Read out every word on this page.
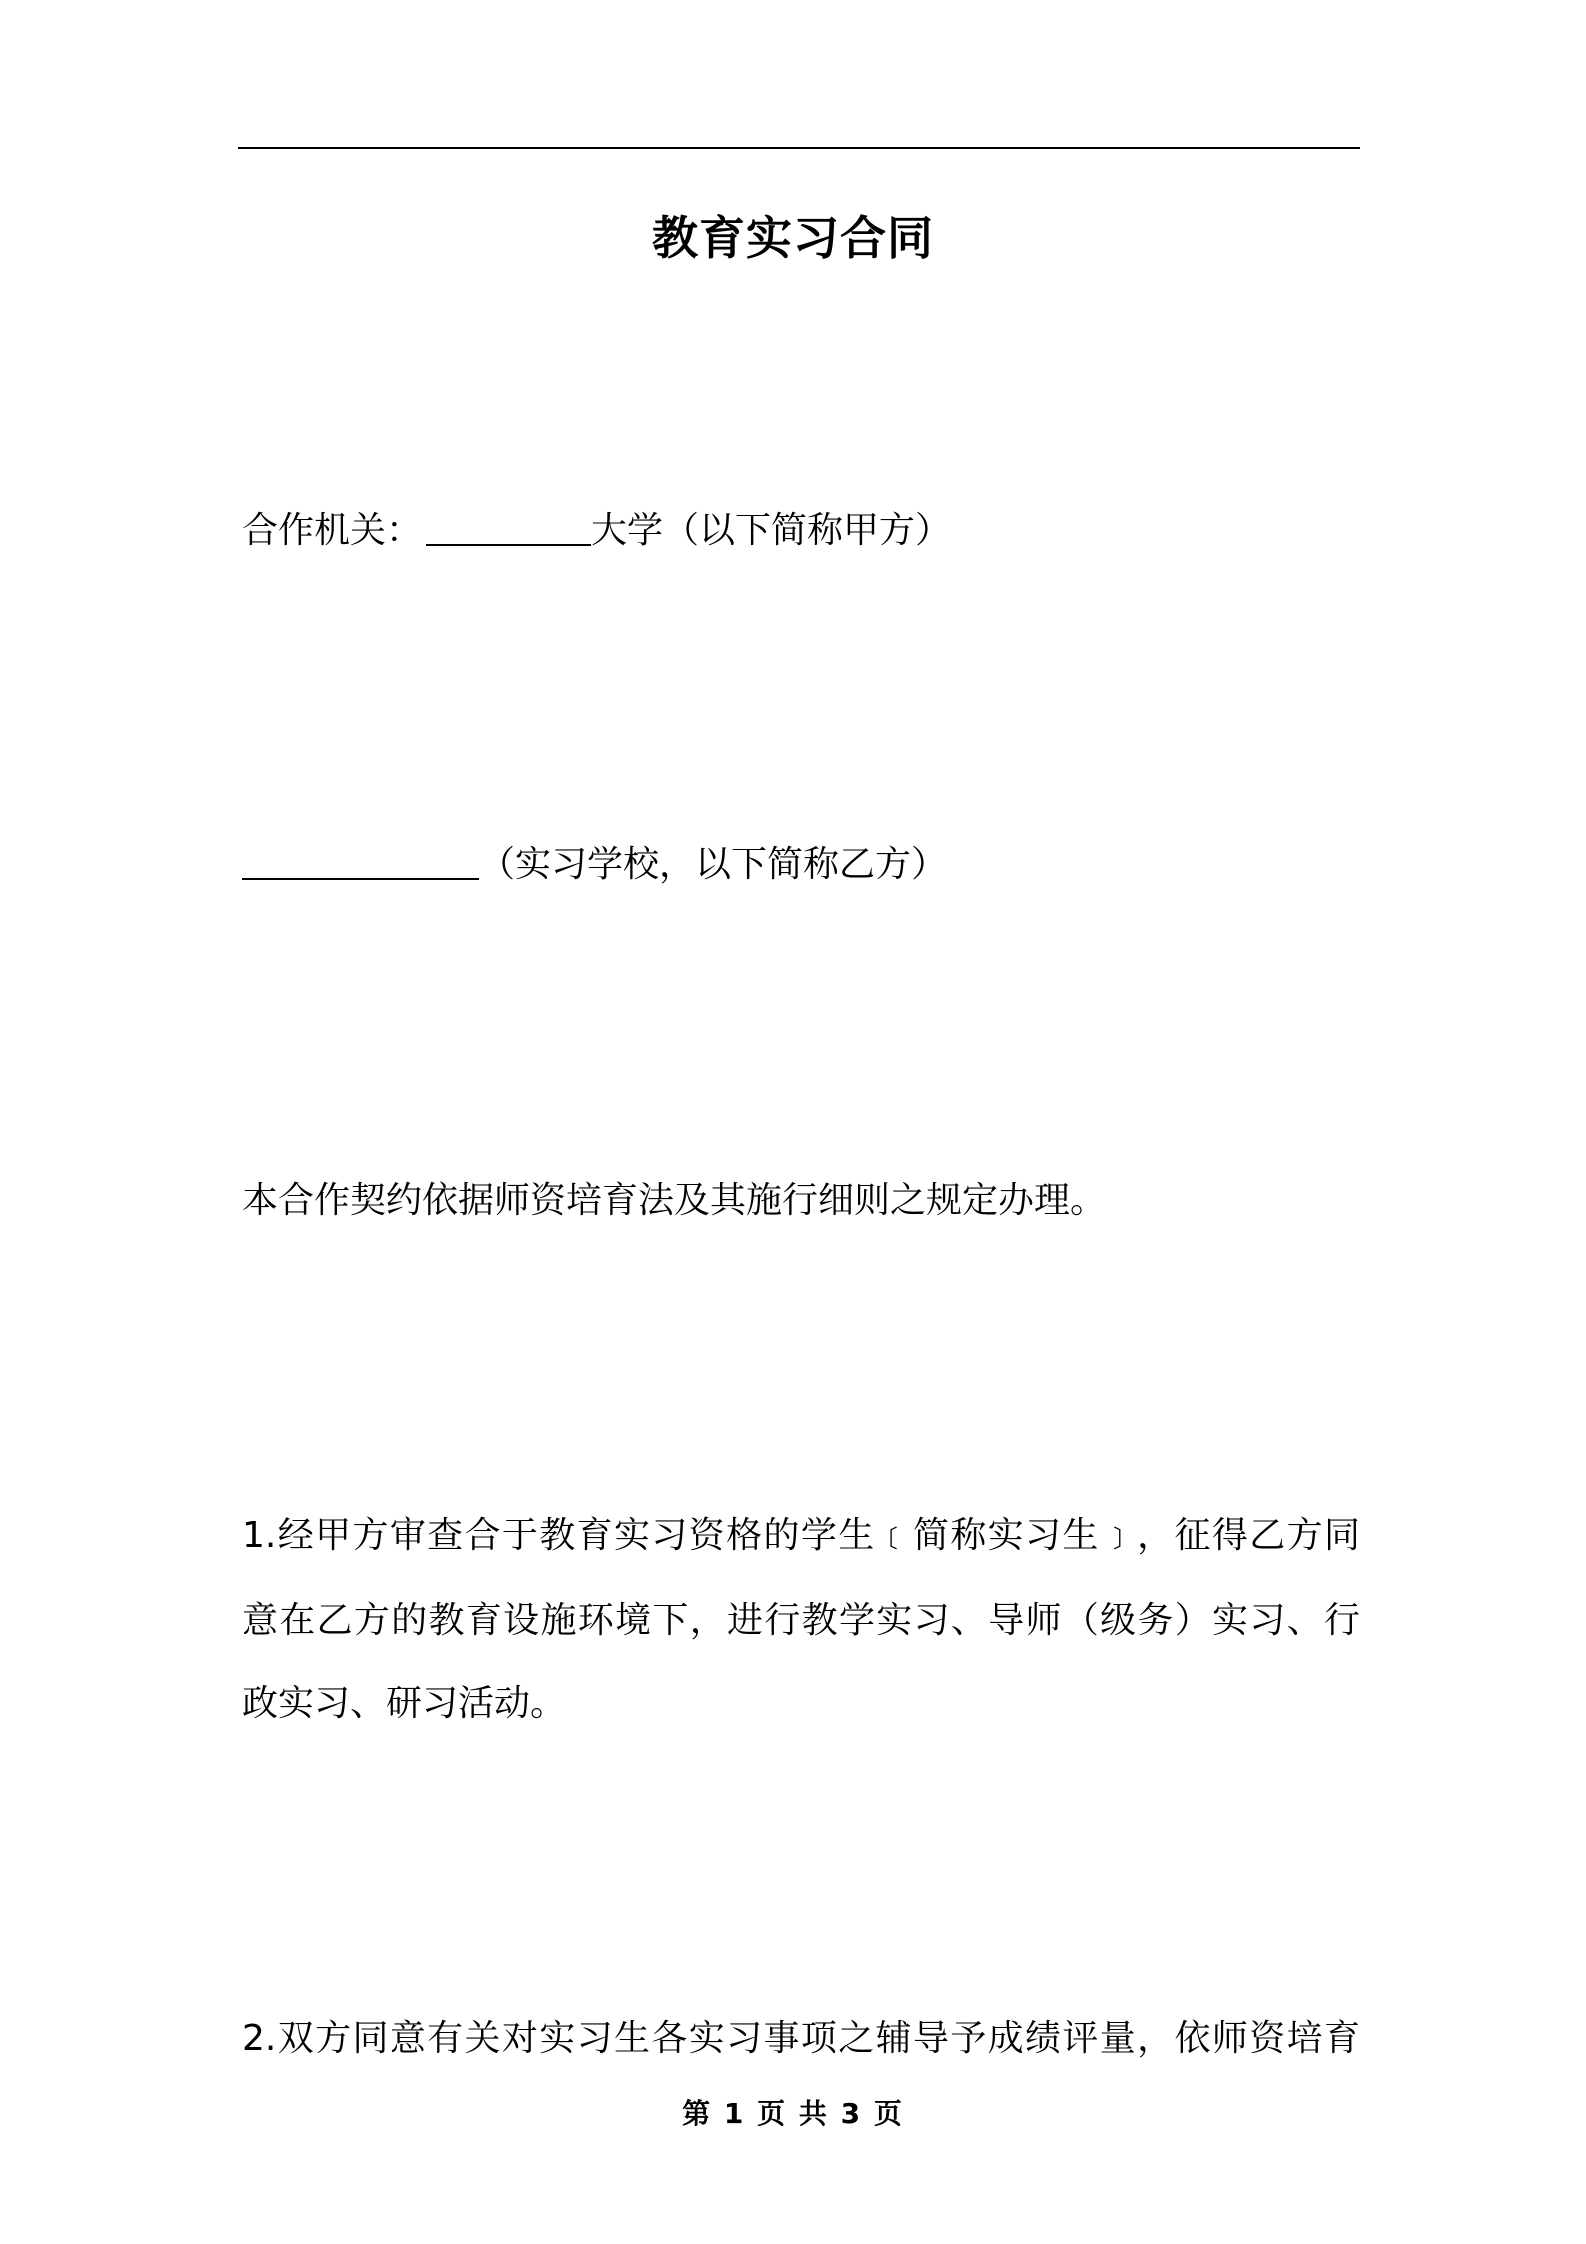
教育实习合同
合作机关：	大学（以下简称甲方）
（实习学校，以下简称乙方）
本合作契约依据师资培育法及其施行细则之规定办理。
1.经甲方审查合于教育实习资格的学生﹝简称实习生﹞，征得乙方同
意在乙方的教育设施环境下，进行教学实习、导师（级务）实习、行
政实习、研习活动。
2.双方同意有关对实习生各实习事项之辅导予成绩评量，依师资培育
第 1 页 共 3 页
